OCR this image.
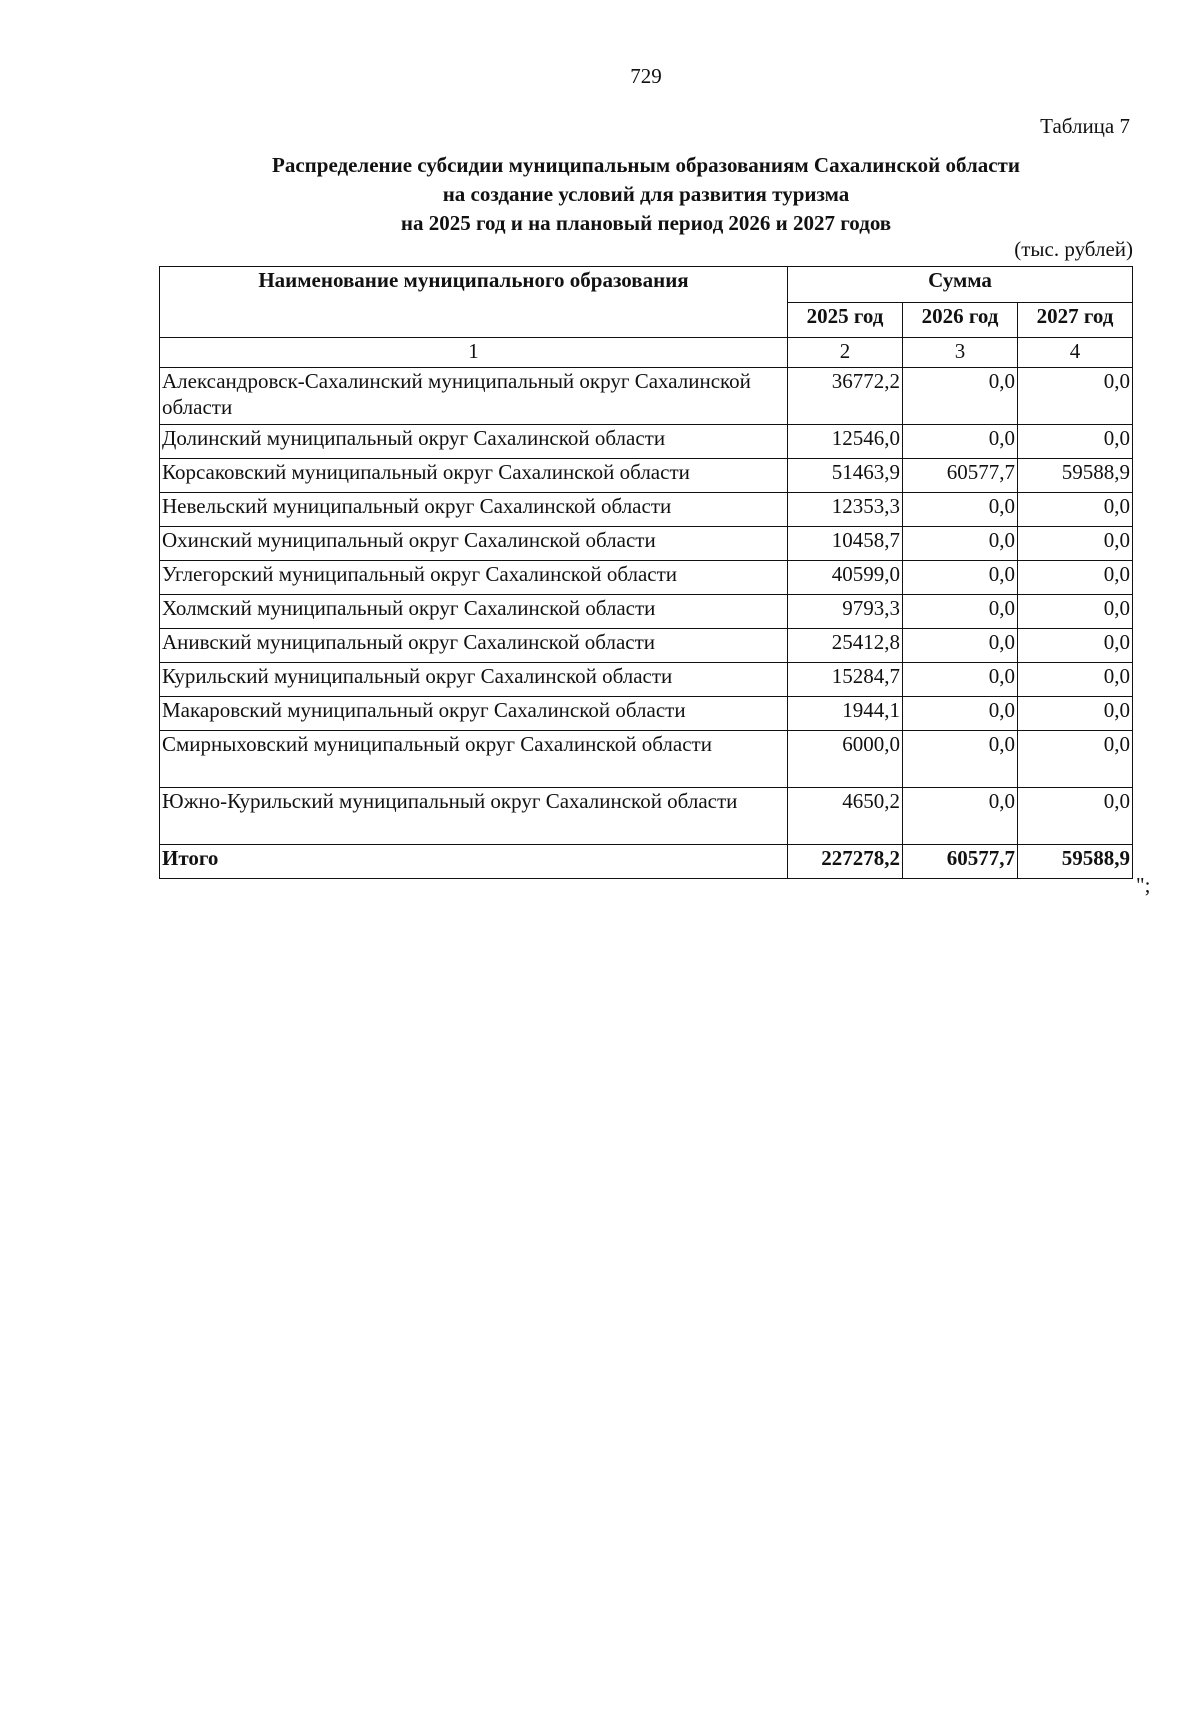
729
Таблица 7
Распределение субсидии муниципальным образованиям Сахалинской области
на создание условий для развития туризма
на 2025 год и на плановый период 2026 и 2027 годов
(тыс. рублей)
Наименование муниципального образования	Сумма		
	2025 год	2026 год	2027 год
1	2	3	4
Александровск-Сахалинский муниципальный округ Сахалинской области	36772,2	0,0	0,0
Долинский муниципальный округ Сахалинской области	12546,0	0,0	0,0
Корсаковский муниципальный округ Сахалинской области	51463,9	60577,7	59588,9
Невельский муниципальный округ Сахалинской области	12353,3	0,0	0,0
Охинский муниципальный округ Сахалинской области	10458,7	0,0	0,0
Углегорский муниципальный округ Сахалинской области	40599,0	0,0	0,0
Холмский муниципальный округ Сахалинской области	9793,3	0,0	0,0
Анивский муниципальный округ Сахалинской области	25412,8	0,0	0,0
Курильский муниципальный округ Сахалинской области	15284,7	0,0	0,0
Макаровский муниципальный округ Сахалинской области	1944,1	0,0	0,0
Смирныховский муниципальный округ Сахалинской области	6000,0	0,0	0,0
Южно-Курильский муниципальный округ Сахалинской области	4650,2	0,0	0,0
Итого	227278,2	60577,7	59588,9
";
